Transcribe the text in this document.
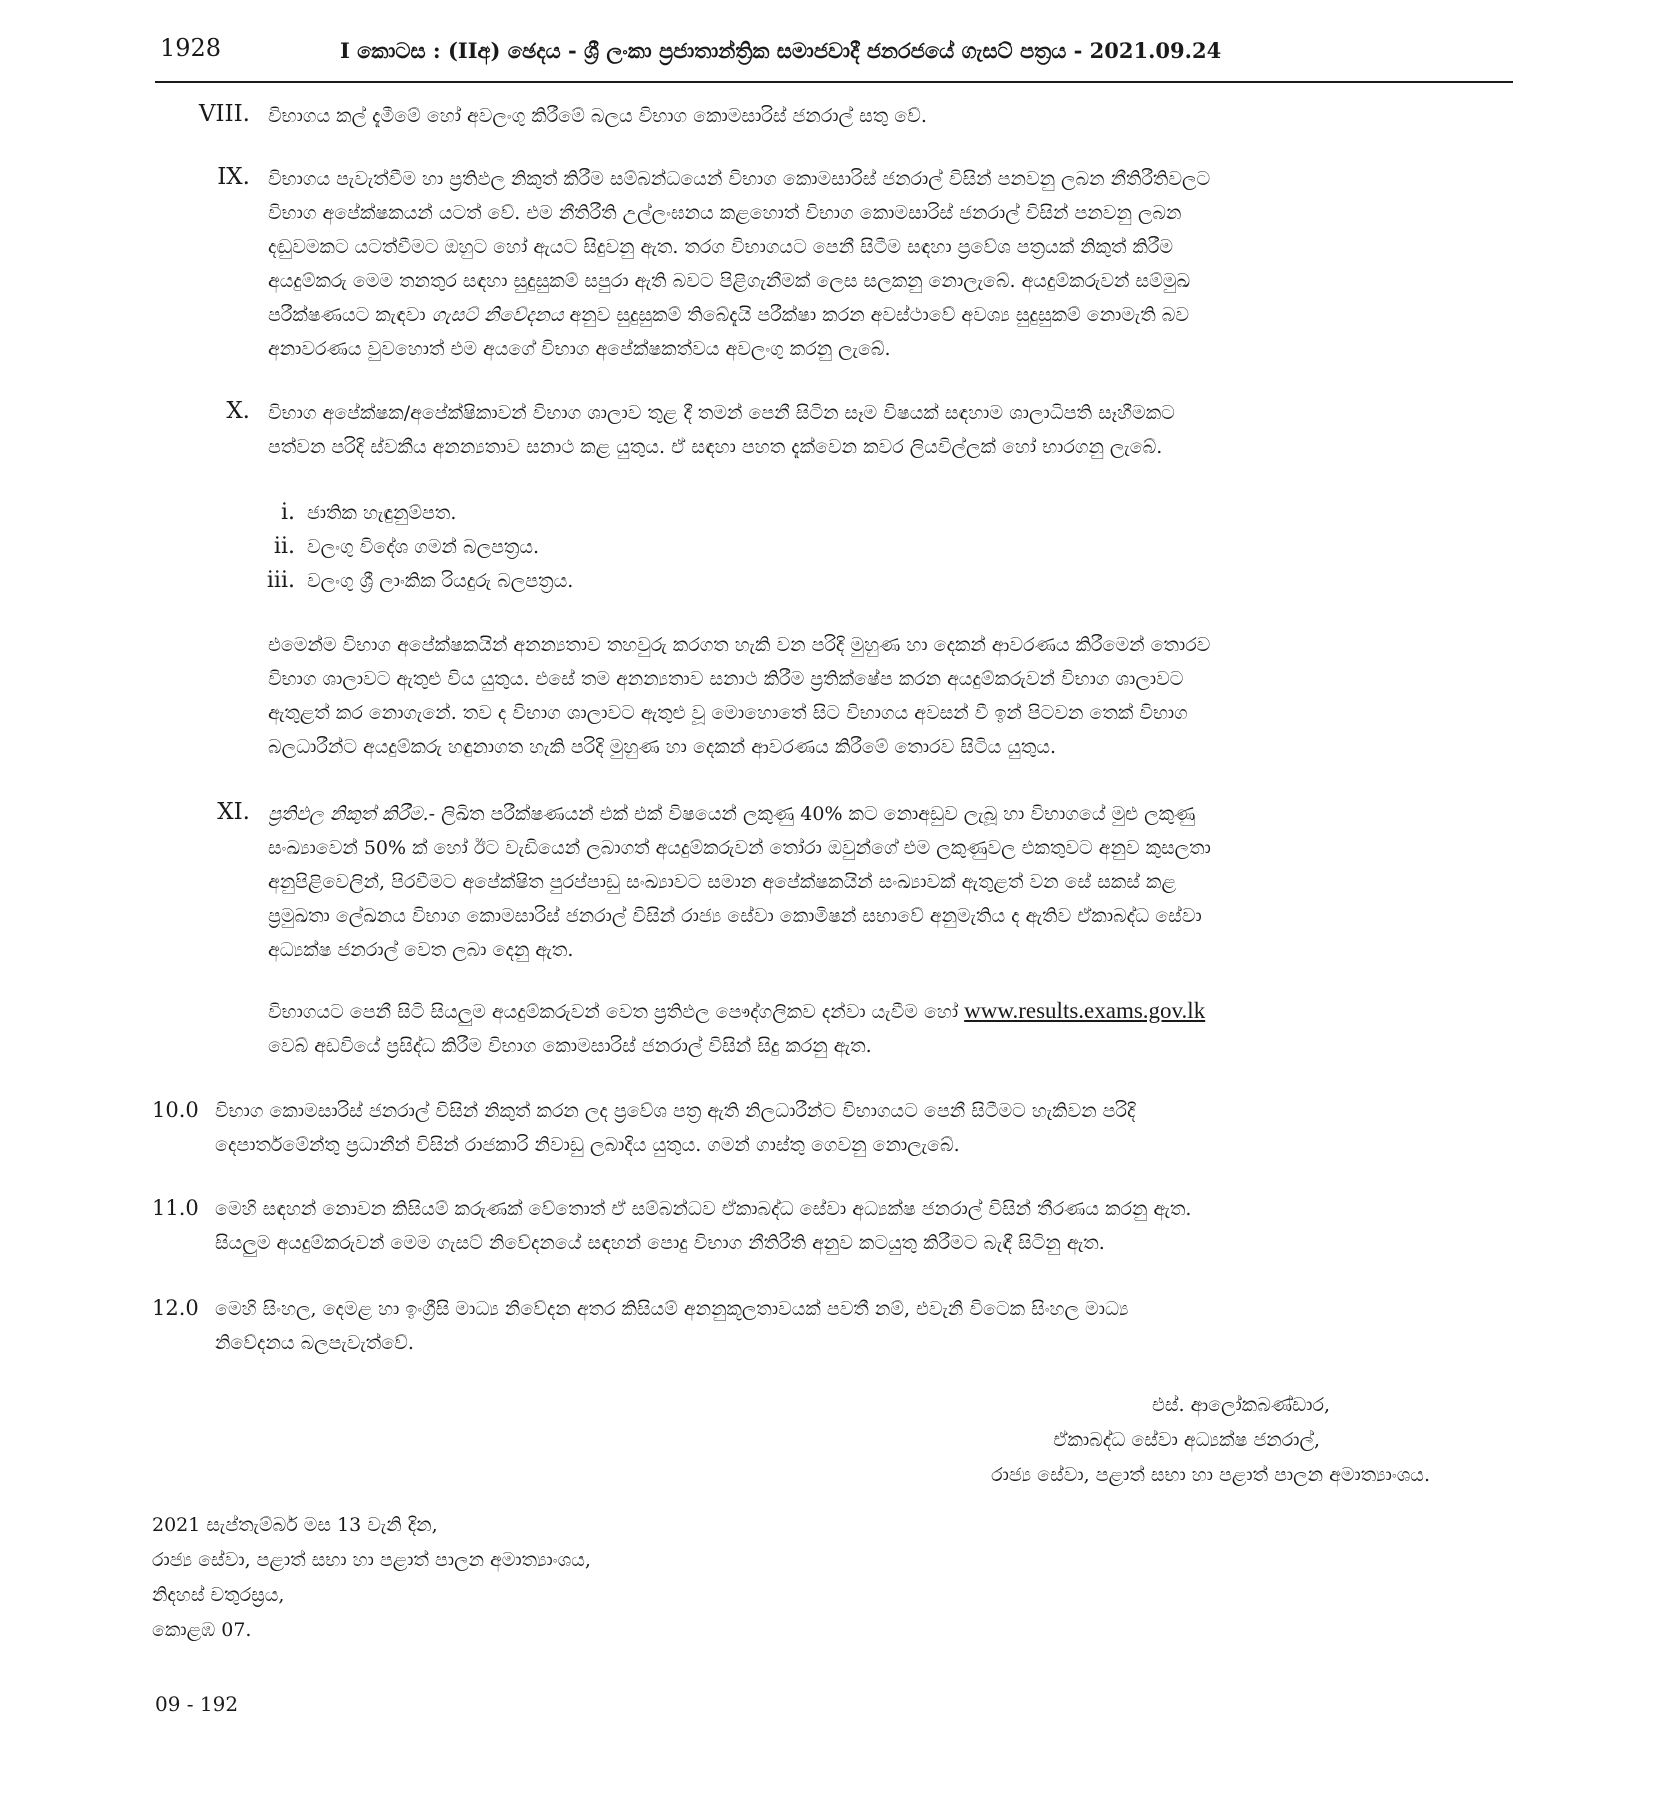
1928	I කොටස : (IIඅ) ඡෙදය - ශ්‍රී ලංකා ප්‍රජාතාන්ත්‍රික සමාජවාදී ජනරජයේ ගැසට් පත්‍රය - 2021.09.24
VIII. විභාගය කල් දැමීමේ හෝ අවලංගු කිරීමේ බලය විභාග කොමසාරිස් ජනරාල් සතු වේ.
IX. විභාගය පැවැත්වීම හා ප්‍රතිඵල නිකුත් කිරීම සම්බන්ධයෙන් විභාග කොමසාරිස් ජනරාල් විසින් පනවනු ලබන නීතිරීතිවලට
විභාග අපේක්ෂකයන් යටත් වේ. එම නීතිරීති උල්ලංඝනය කළහොත් විභාග කොමසාරිස් ජනරාල් විසින් පනවනු ලබන
දඬුවමකට යටත්වීමට ඔහුට හෝ ඇයට සිදුවනු ඇත. තරග විභාගයට පෙනී සිටීම සඳහා ප්‍රවේශ පත්‍රයක් නිකුත් කිරීම
අයදුම්කරු මෙම තනතුර සඳහා සුදුසුකම් සපුරා ඇති බවට පිළිගැනීමක් ලෙස සලකනු නොලැබේ. අයදුම්කරුවන් සම්මුඛ
පරීක්ෂණයට කැඳවා ගැසට් නිවේදනය අනුව සුදුසුකම් තිබේදැයි පරීක්ෂා කරන අවස්ථාවේ අවශ්‍ය සුදුසුකම් නොමැති බව
අනාවරණය වුවහොත් එම අයගේ විභාග අපේක්ෂකත්වය අවලංගු කරනු ලැබේ.
X. විභාග අපේක්ෂක/අපේක්ෂිකාවන් විභාග ශාලාව තුළ දී තමන් පෙනී සිටින සෑම විෂයක් සඳහාම ශාලාධිපති සෑහීමකට
පත්වන පරිදි ස්වකීය අනන්‍යතාව සනාථ කළ යුතුය. ඒ සඳහා පහත දැක්වෙන කවර ලියවිල්ලක් හෝ භාරගනු ලැබේ.
i. ජාතික හැඳුනුම්පත.
ii. වලංගු විදේශ ගමන් බලපත්‍රය.
iii. වලංගු ශ්‍රී ලාංකික රියදුරු බලපත්‍රය.
එමෙන්ම විභාග අපේක්ෂකයින් අනන්‍යතාව තහවුරු කරගත හැකි වන පරිදි මුහුණ හා දෙකන් ආවරණය කිරීමෙන් තොරව
විභාග ශාලාවට ඇතුළු විය යුතුය. එසේ තම අනන්‍යතාව සනාථ කිරීම ප්‍රතික්ෂේප කරන අයදුම්කරුවන් විභාග ශාලාවට
ඇතුළත් කර නොගැනේ. තව ද විභාග ශාලාවට ඇතුළු වූ මොහොතේ සිට විභාගය අවසන් වී ඉන් පිටවන තෙක් විභාග
බලධාරීන්ට අයදුම්කරු හඳුනාගත හැකි පරිදි මුහුණ හා දෙකන් ආවරණය කිරීමේ තොරව සිටිය යුතුය.
XI. ප්‍රතිඵල නිකුත් කිරීම.- ලිඛිත පරීක්ෂණයන් එක් එක් විෂයෙන් ලකුණු 40% කට නොඅඩුව ලැබූ හා විභාගයේ මුළු ලකුණු
සංඛ්‍යාවෙන් 50% ක් හෝ ඊට වැඩියෙන් ලබාගත් අයදුම්කරුවන් තෝරා ඔවුන්ගේ එම ලකුණුවල එකතුවට අනුව කුසලතා
අනුපිළිවෙලින්, පිරවීමට අපේක්ෂිත පුරප්පාඩු සංඛ්‍යාවට සමාන අපේක්ෂකයින් සංඛ්‍යාවක් ඇතුළත් වන සේ සකස් කළ
ප්‍රමුඛතා ලේඛනය විභාග කොමසාරිස් ජනරාල් විසින් රාජ්‍ය සේවා කොමිෂන් සභාවේ අනුමැතිය ද ඇතිව ඒකාබද්ධ සේවා
අධ්‍යක්ෂ ජනරාල් වෙත ලබා දෙනු ඇත.
විභාගයට පෙනී සිටි සියලුම අයදුම්කරුවන් වෙත ප්‍රතිඵල පෞද්ගලිකව දන්වා යැවීම හෝ www.results.exams.gov.lk
වෙබ් අඩවියේ ප්‍රසිද්ධ කිරීම විභාග කොමසාරිස් ජනරාල් විසින් සිදු කරනු ඇත.
10.0 විභාග කොමසාරිස් ජනරාල් විසින් නිකුත් කරන ලද ප්‍රවේශ පත්‍ර ඇති නිලධාරීන්ට විභාගයට පෙනී සිටීමට හැකිවන පරිදි
දෙපාර්තමේන්තු ප්‍රධානීන් විසින් රාජකාරි නිවාඩු ලබාදිය යුතුය. ගමන් ගාස්තු ගෙවනු නොලැබේ.
11.0 මෙහි සඳහන් නොවන කිසියම් කරුණක් වේතොත් ඒ සම්බන්ධව ඒකාබද්ධ සේවා අධ්‍යක්ෂ ජනරාල් විසින් තීරණය කරනු ඇත.
සියලුම අයදුම්කරුවන් මෙම ගැසට් නිවේදනයේ සඳහන් පොදු විභාග නීතිරීති අනුව කටයුතු කිරීමට බැඳී සිටිනු ඇත.
12.0 මෙහි සිංහල, දෙමළ හා ඉංග්‍රීසි මාධ්‍ය නිවේදන අතර කිසියම් අනනුකූලතාවයක් පවතී නම්, එවැනි විටෙක සිංහල මාධ්‍ය
නිවේදනය බලපැවැත්වේ.
එස්. ආලෝකබණ්ඩාර,
ඒකාබද්ධ සේවා අධ්‍යක්ෂ ජනරාල්,
රාජ්‍ය සේවා, පළාත් සභා හා පළාත් පාලන අමාත්‍යාංශය.
2021 සැප්තැම්බර් මස 13 වැනි දින,
රාජ්‍ය සේවා, පළාත් සභා හා පළාත් පාලන අමාත්‍යාංශය,
නිදහස් චතුරස්‍රය,
කොළඹ 07.
09 - 192
